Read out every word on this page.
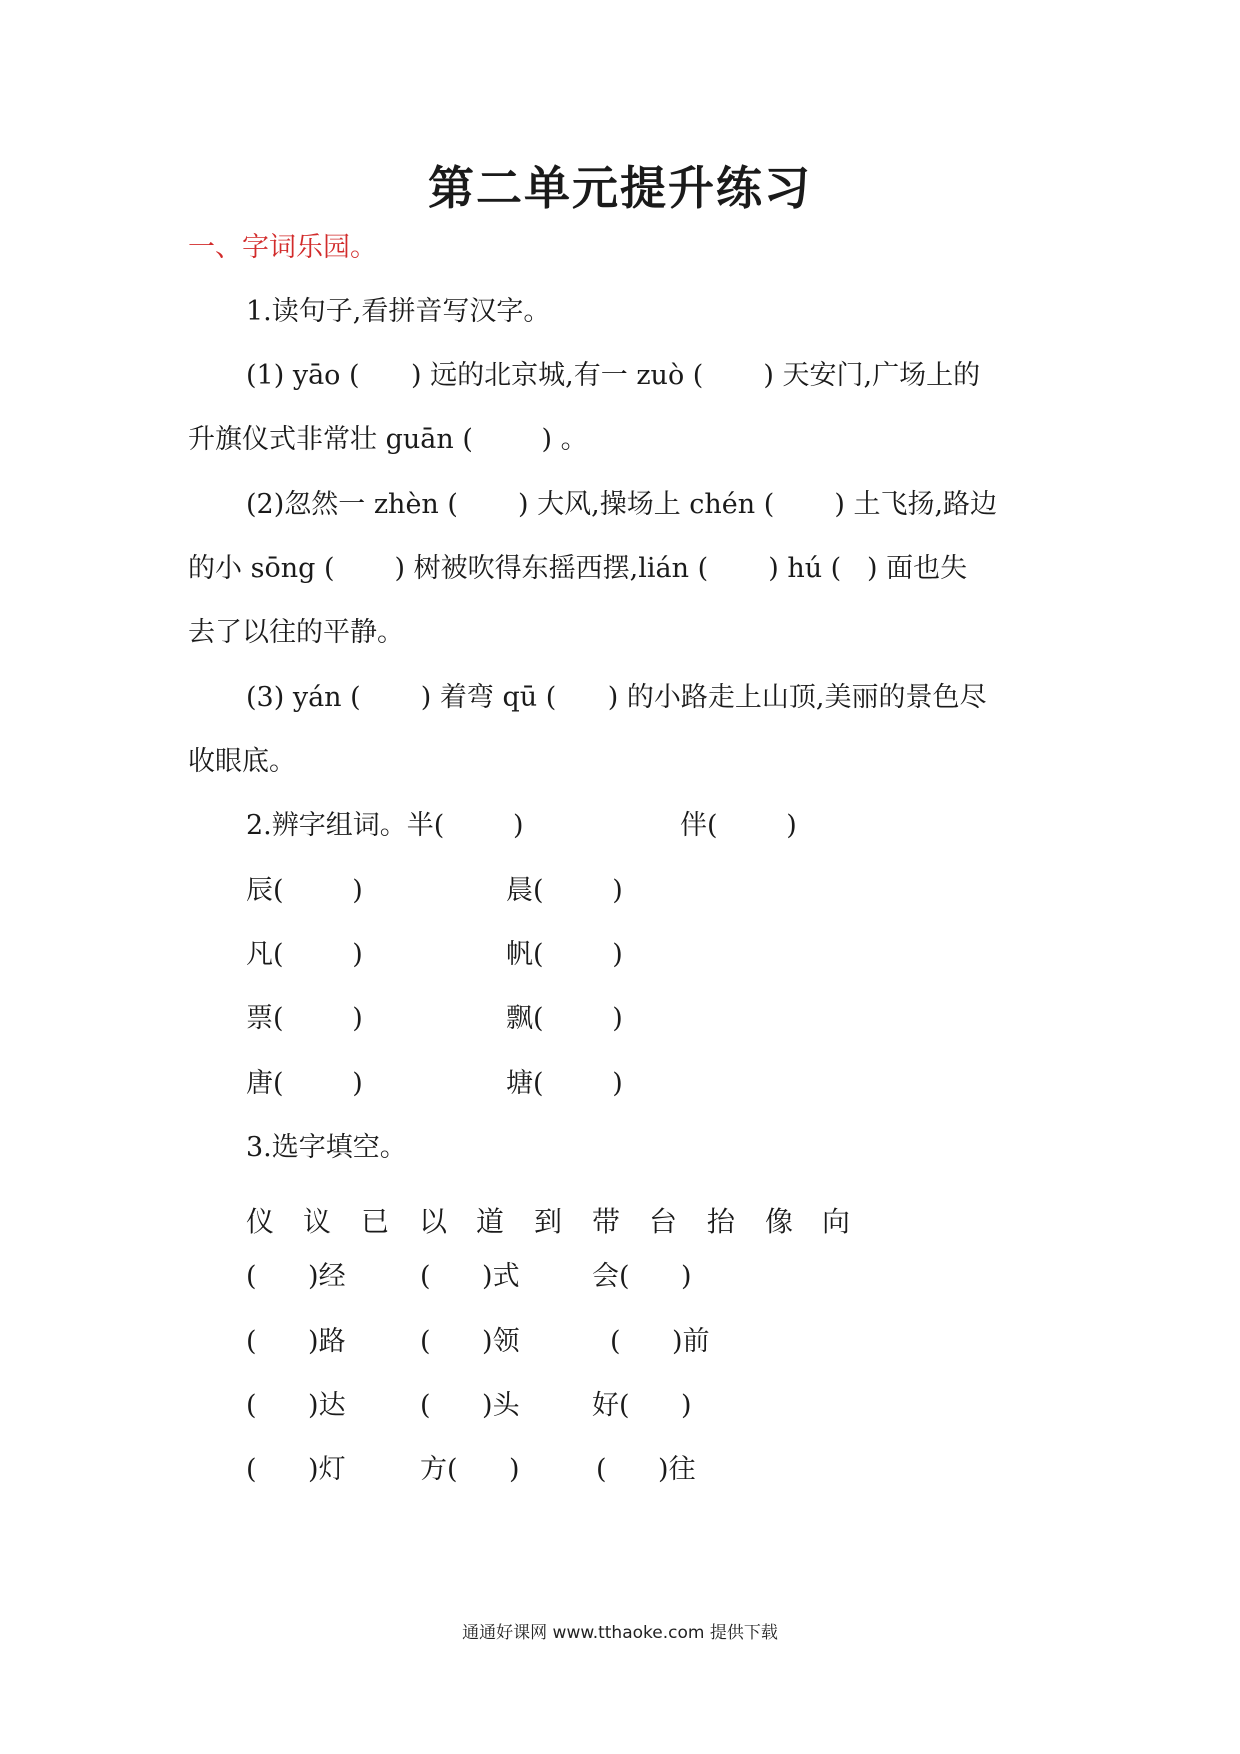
第二单元提升练习
一、字词乐园。
1.读句子,看拼音写汉字。
(1) yāo (      ) 远的北京城,有一 zuò (       ) 天安门,广场上的
升旗仪式非常壮 guān (        ) 。
(2)忽然一 zhèn (       ) 大风,操场上 chén (       ) 土飞扬,路边
的小 sōng (       ) 树被吹得东摇西摆,lián (       ) hú (   ) 面也失
去了以往的平静。
(3) yán (       ) 着弯 qū (      ) 的小路走上山顶,美丽的景色尽
收眼底。
2.辨字组词。半(        )	伴(        )
辰(        )	晨(        )
凡(        )	帆(        )
票(        )	飘(        )
唐(        )	塘(        )
3.选字填空。
仪 议 已 以 道 到 带 台 抬 像 向
(      )经	(      )式	会(      )
(      )路	(      )领	(      )前
(      )达	(      )头	好(      )
(      )灯	方(      )	(      )往
通通好课网 www.tthaoke.com 提供下载
